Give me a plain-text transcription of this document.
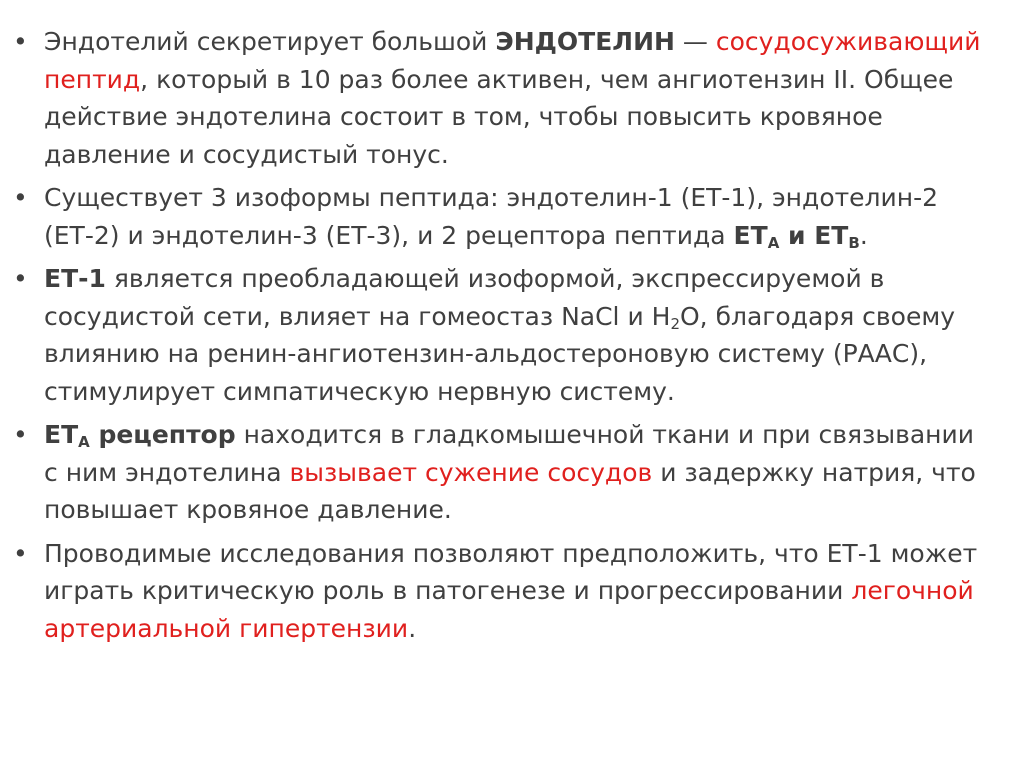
• Эндотелий секретирует большой ЭНДОТЕЛИН — сосудосуживающий пептид, который в 10 раз более активен, чем ангиотензин II. Общее действие эндотелина состоит в том, чтобы повысить кровяное давление и сосудистый тонус.
• Существует 3 изоформы пептида: эндотелин-1 (ЕТ-1), эндотелин-2 (ЕТ-2) и эндотелин-3 (ЕТ-3), и 2 рецептора пептида $ЕТ_A$ и $ЕТ_B$.
• ЕТ-1 является преобладающей изоформой, экспрессируемой в сосудистой сети, влияет на гомеостаз NaCl и $H_2O$, благодаря своему влиянию на ренин-ангиотензин-альдостероновую систему (РААС), стимулирует симпатическую нервную систему.
• $ЕТ_А$ рецептор находится в гладкомышечной ткани и при связывании с ним эндотелина вызывает сужение сосудов и задержку натрия, что повышает кровяное давление.
• Проводимые исследования позволяют предположить, что ЕТ-1 может играть критическую роль в патогенезе и прогрессировании легочной артериальной гипертензии.
